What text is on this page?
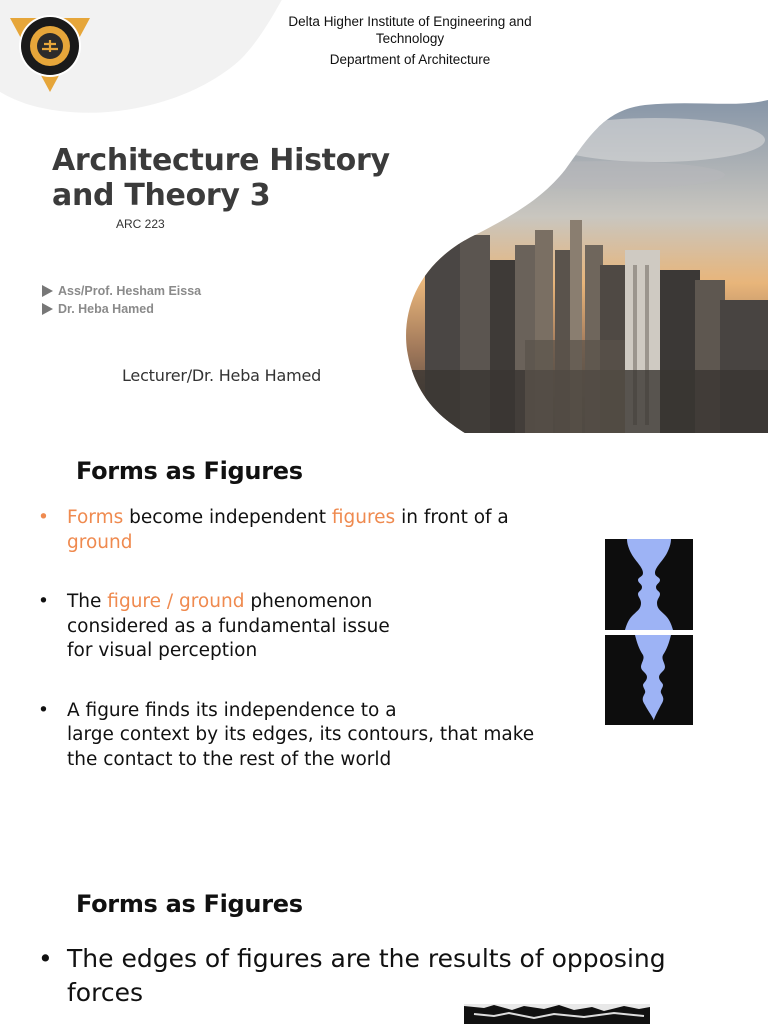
Delta Higher Institute of Engineering and
Technology
Department of Architecture
Architecture History
and Theory 3
ARC 223
Ass/Prof. Hesham Eissa
Dr. Heba Hamed
Lecturer/Dr. Heba Hamed
Forms as Figures
• Forms become independent figures in front of a
ground
• The figure / ground phenomenon
considered as a fundamental issue
for visual perception
• A figure finds its independence to a
large context by its edges, its contours, that make
the contact to the rest of the world
Forms as Figures
• The edges of figures are the results of opposing
forces
